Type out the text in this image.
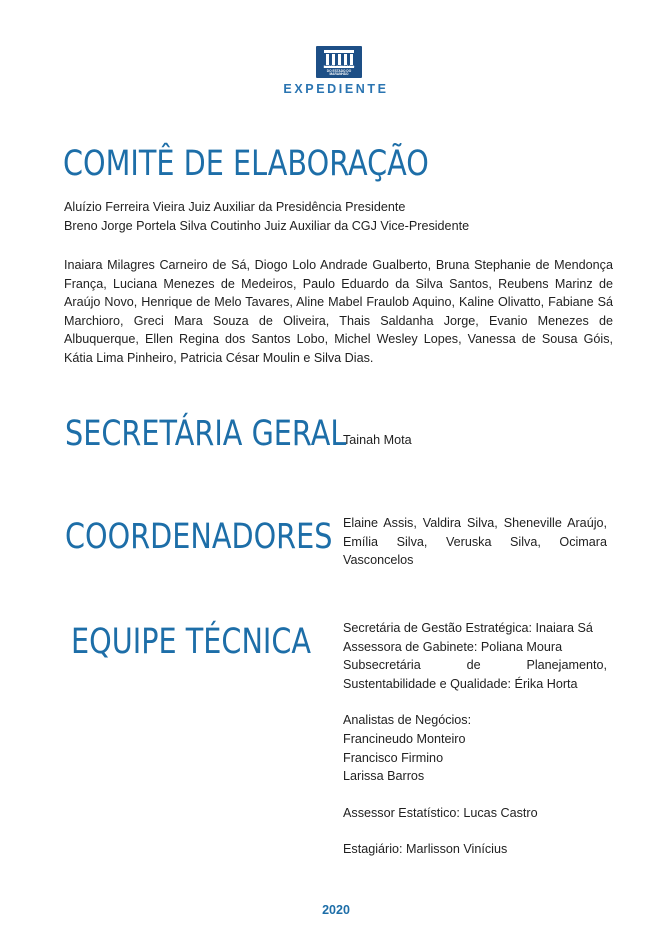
PODER JUDICIÁRIO
DO ESTADO DO MARANHÃO
EXPEDIENTE
COMITÊ DE ELABORAÇÃO
Aluízio Ferreira Vieira Juiz Auxiliar da Presidência Presidente
Breno Jorge Portela Silva Coutinho Juiz Auxiliar da CGJ Vice-Presidente
Inaiara Milagres Carneiro de Sá, Diogo Lolo Andrade Gualberto, Bruna Stephanie de Mendonça França, Luciana Menezes de Medeiros, Paulo Eduardo da Silva Santos, Reubens Marinz de Araújo Novo, Henrique de Melo Tavares, Aline Mabel Fraulob Aquino, Kaline Olivatto, Fabiane Sá Marchioro, Greci Mara Souza de Oliveira, Thais Saldanha Jorge, Evanio Menezes de Albuquerque, Ellen Regina dos Santos Lobo, Michel Wesley Lopes, Vanessa de Sousa Góis, Kátia Lima Pinheiro, Patricia César Moulin e Silva Dias.
SECRETÁRIA GERAL
Tainah Mota
COORDENADORES Elaine Assis, Valdira Silva, Sheneville Araújo, Emília Silva, Veruska Silva, Ocimara Vasconcelos
EQUIPE TÉCNICA	Secretária de Gestão Estratégica: Inaiara Sá
Assessora de Gabinete: Poliana Moura
Subsecretária de Planejamento, Sustentabilidade e Qualidade: Érika Horta
Analistas de Negócios:
Francineudo Monteiro
Francisco Firmino
Larissa Barros
Assessor Estatístico: Lucas Castro
Estagiário: Marlisson Vinícius
2020
